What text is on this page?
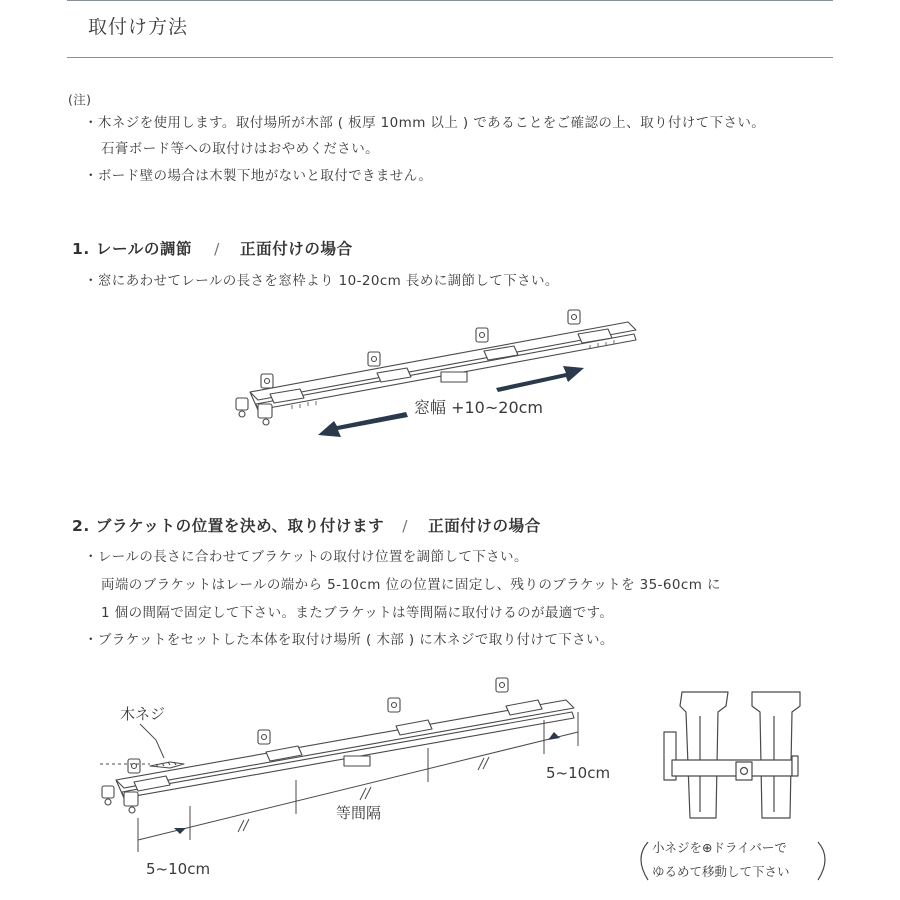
取付け方法
(注)
・木ネジを使用します。取付場所が木部 ( 板厚 10mm 以上 ) であることをご確認の上、取り付けて下さい。
石膏ボード等への取付けはおやめください。
・ボード壁の場合は木製下地がないと取付できません。
1. レールの調節 / 正面付けの場合
・窓にあわせてレールの長さを窓枠より 10-20cm 長めに調節して下さい。
窓幅 +10~20cm
2. ブラケットの位置を決め、取り付けます / 正面付けの場合
・レールの長さに合わせてブラケットの取付け位置を調節して下さい。
両端のブラケットはレールの端から 5-10cm 位の位置に固定し、残りのブラケットを 35-60cm に
1 個の間隔で固定して下さい。またブラケットは等間隔に取付けるのが最適です。
・ブラケットをセットした本体を取付け場所 ( 木部 ) に木ネジで取り付けて下さい。
木ネジ
5~10cm
等間隔
5~10cm
小ネジを⊕ドライバーで
ゆるめて移動して下さい
